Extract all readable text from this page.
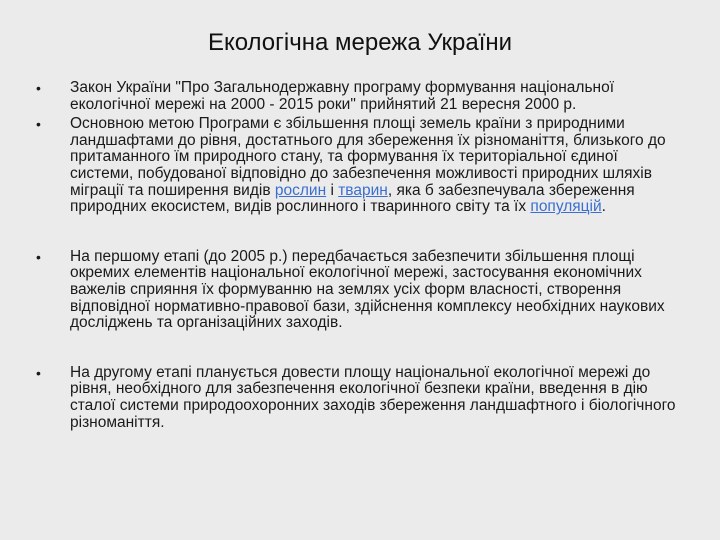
Екологічна мережа України
•	Закон України "Про Загальнодержавну програму формування національної екологічної мережі на 2000 - 2015 роки" прийнятий 21 вересня 2000 р.
•	Основною метою Програми є збільшення площі земель країни з природними ландшафтами до рівня, достатнього для збереження їх різноманіття, близького до притаманного їм природного стану, та формування їх територіальної єдиної системи, побудованої відповідно до забезпечення можливості природних шляхів міграції та поширення видів рослин і тварин, яка б забезпечувала збереження природних екосистем, видів рослинного і тваринного світу та їх популяцій.
•	На першому етапі (до 2005 р.) передбачається забезпечити збільшення площі окремих елементів національної екологічної мережі, застосування економічних важелів сприяння їх формуванню на землях усіх форм власності, створення відповідної нормативно-правової бази, здійснення комплексу необхідних наукових досліджень та організаційних заходів.
•	На другому етапі планується довести площу національної екологічної мережі до рівня, необхідного для забезпечення екологічної безпеки країни, введення в дію сталої системи природоохоронних заходів збереження ландшафтного і біологічного різноманіття.
